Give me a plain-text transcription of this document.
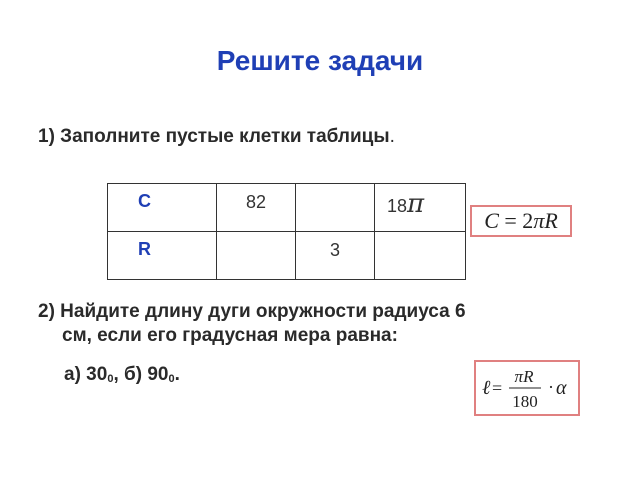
Решите задачи
1) Заполните пустые клетки таблицы.
C	82		18π
R		3	
C = 2 π R
2) Найдите длину дуги окружности радиуса 6
см, если его градусная мера равна:
а) $30_0$, б) $90_0$.
ℓ =
πR
180
· α
